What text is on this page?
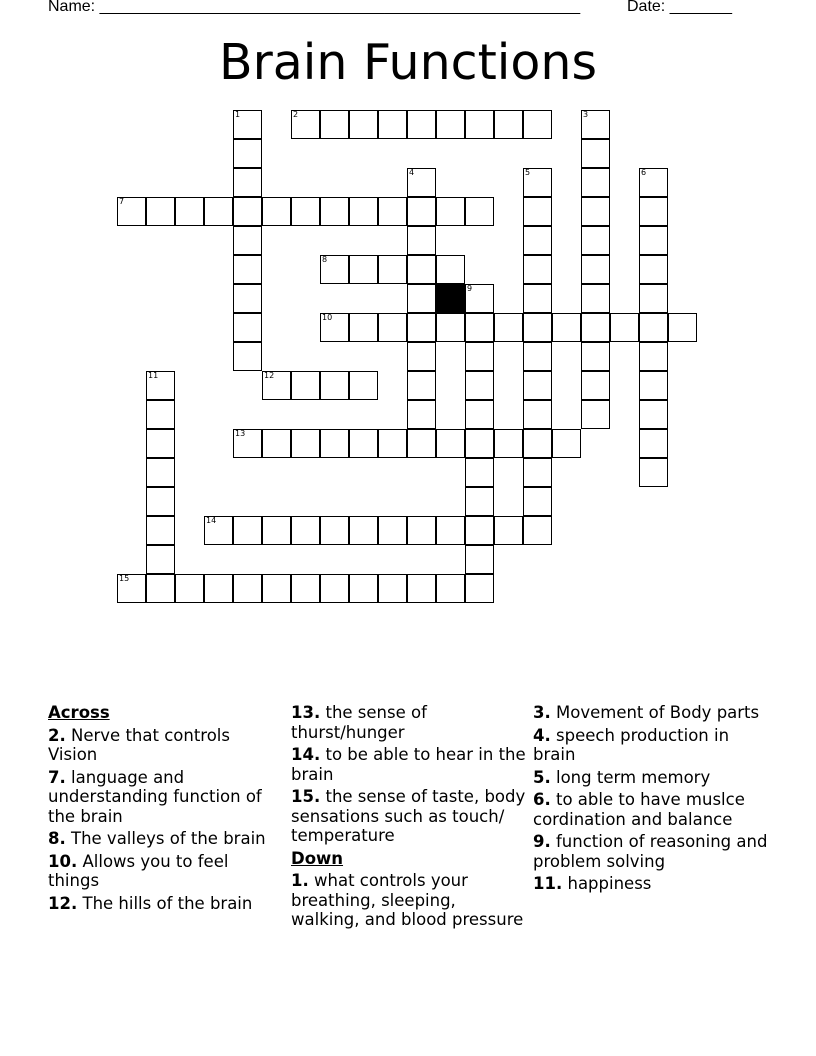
Name: ______________________________________________________	Date: _______
Brain Functions
1	3
4	5	6
9
11
2
7
8
10
12
13
14
15
Across
2. Nerve that controls Vision
7. language and understanding function of the brain
8. The valleys of the brain
10. Allows you to feel things
12. The hills of the brain
13. the sense of thurst/hunger
14. to be able to hear in the brain
15. the sense of taste, body sensations such as touch/ temperature
Down
1. what controls your breathing, sleeping, walking, and blood pressure
3. Movement of Body parts
4. speech production in brain
5. long term memory
6. to able to have muslce cordination and balance
9. function of reasoning and problem solving
11. happiness
